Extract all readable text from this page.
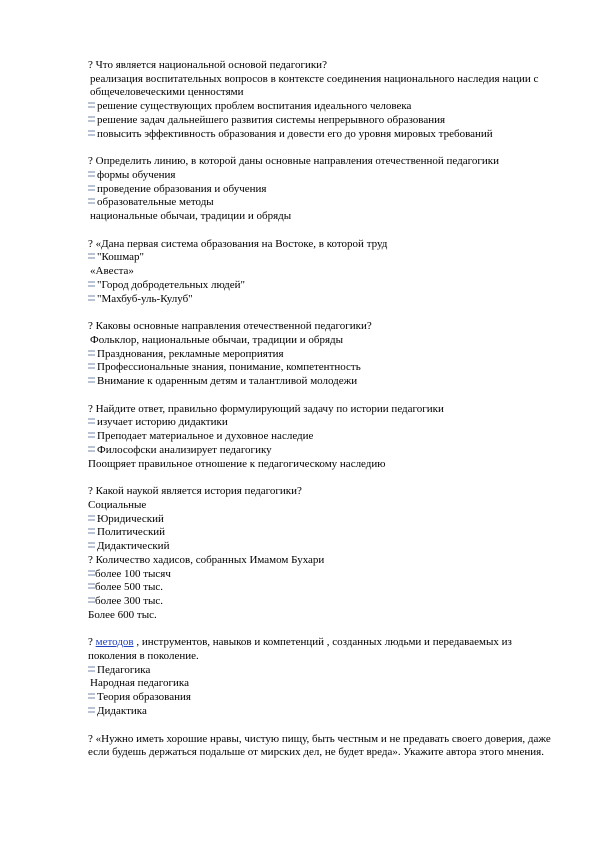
? Что является национальной основой педагогики?
реализация воспитательных вопросов в контексте соединения национального наследия нации с общечеловеческими ценностями
решение существующих проблем воспитания идеального человека
решение задач дальнейшего развития системы непрерывного образования
повысить эффективность образования и довести его до уровня мировых требований
? Определить линию, в которой даны основные направления отечественной педагогики
формы обучения
проведение образования и обучения
образовательные методы
национальные обычаи, традиции и обряды
? «Дана первая система образования на Востоке, в которой труд
"Кошмар"
«Авеста»
"Город добродетельных людей"
"Махбуб-уль-Кулуб"
? Каковы основные направления отечественной педагогики?
Фольклор, национальные обычаи, традиции и обряды
Празднования, рекламные мероприятия
Профессиональные знания, понимание, компетентность
Внимание к одаренным детям и талантливой молодежи
? Найдите ответ, правильно формулирующий задачу по истории педагогики
изучает историю дидактики
Преподает материальное и духовное наследие
Философски анализирует педагогику
Поощряет правильное отношение к педагогическому наследию
? Какой наукой является история педагогики?
Социальные
Юридический
Политический
Дидактический
? Количество хадисов, собранных Имамом Бухари
более 100 тысяч
более 500 тыс.
более 300 тыс.
Более 600 тыс.
? методов , инструментов, навыков и компетенций , созданных людьми и передаваемых из поколения в поколение.
Педагогика
Народная педагогика
Теория образования
Дидактика
? «Нужно иметь хорошие нравы, чистую пищу, быть честным и не предавать своего доверия, даже если будешь держаться подальше от мирских дел, не будет вреда». Укажите автора этого мнения.
